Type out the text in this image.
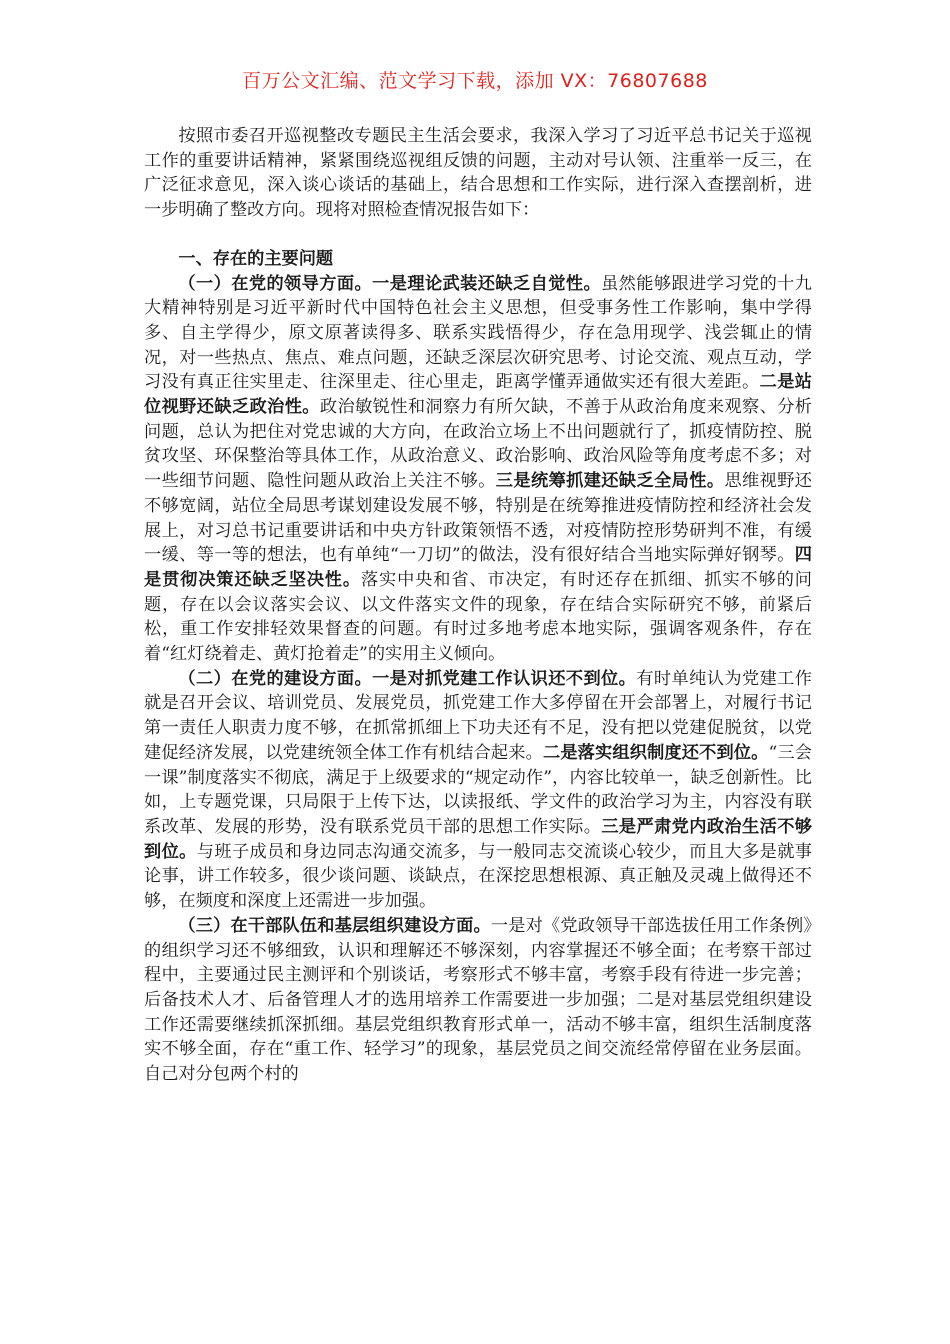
百万公文汇编、范文学习下载，添加 VX：76807688

按照市委召开巡视整改专题民主生活会要求，我深入学习了习近平总书记关于巡视工作的重要讲话精神，紧紧围绕巡视组反馈的问题，主动对号认领、注重举一反三，在广泛征求意见，深入谈心谈话的基础上，结合思想和工作实际，进行深入查摆剖析，进一步明确了整改方向。现将对照检查情况报告如下：

一、存在的主要问题

（一）在党的领导方面。一是理论武装还缺乏自觉性。虽然能够跟进学习党的十九大精神特别是习近平新时代中国特色社会主义思想，但受事务性工作影响，集中学得多、自主学得少，原文原著读得多、联系实践悟得少，存在急用现学、浅尝辄止的情况，对一些热点、焦点、难点问题，还缺乏深层次研究思考、讨论交流、观点互动，学习没有真正往实里走、往深里走、往心里走，距离学懂弄通做实还有很大差距。二是站位视野还缺乏政治性。政治敏锐性和洞察力有所欠缺，不善于从政治角度来观察、分析问题，总认为把住对党忠诚的大方向，在政治立场上不出问题就行了，抓疫情防控、脱贫攻坚、环保整治等具体工作，从政治意义、政治影响、政治风险等角度考虑不多；对一些细节问题、隐性问题从政治上关注不够。三是统筹抓建还缺乏全局性。思维视野还不够宽阔，站位全局思考谋划建设发展不够，特别是在统筹推进疫情防控和经济社会发展上，对习总书记重要讲话和中央方针政策领悟不透，对疫情防控形势研判不准，有缓一缓、等一等的想法，也有单纯“一刀切”的做法，没有很好结合当地实际弹好钢琴。四是贯彻决策还缺乏坚决性。落实中央和省、市决定，有时还存在抓细、抓实不够的问题，存在以会议落实会议、以文件落实文件的现象，存在结合实际研究不够，前紧后松，重工作安排轻效果督查的问题。有时过多地考虑本地实际，强调客观条件，存在着“红灯绕着走、黄灯抢着走”的实用主义倾向。

（二）在党的建设方面。一是对抓党建工作认识还不到位。有时单纯认为党建工作就是召开会议、培训党员、发展党员，抓党建工作大多停留在开会部署上，对履行书记第一责任人职责力度不够，在抓常抓细上下功夫还有不足，没有把以党建促脱贫，以党建促经济发展，以党建统领全体工作有机结合起来。二是落实组织制度还不到位。“三会一课”制度落实不彻底，满足于上级要求的“规定动作”，内容比较单一，缺乏创新性。比如，上专题党课，只局限于上传下达，以读报纸、学文件的政治学习为主，内容没有联系改革、发展的形势，没有联系党员干部的思想工作实际。三是严肃党内政治生活不够到位。与班子成员和身边同志沟通交流多，与一般同志交流谈心较少，而且大多是就事论事，讲工作较多，很少谈问题、谈缺点，在深挖思想根源、真正触及灵魂上做得还不够，在频度和深度上还需进一步加强。

（三）在干部队伍和基层组织建设方面。一是对《党政领导干部选拔任用工作条例》的组织学习还不够细致，认识和理解还不够深刻，内容掌握还不够全面；在考察干部过程中，主要通过民主测评和个别谈话，考察形式不够丰富，考察手段有待进一步完善；后备技术人才、后备管理人才的选用培养工作需要进一步加强；二是对基层党组织建设工作还需要继续抓深抓细。基层党组织教育形式单一，活动不够丰富，组织生活制度落实不够全面，存在“重工作、轻学习”的现象，基层党员之间交流经常停留在业务层面。自己对分包两个村的
